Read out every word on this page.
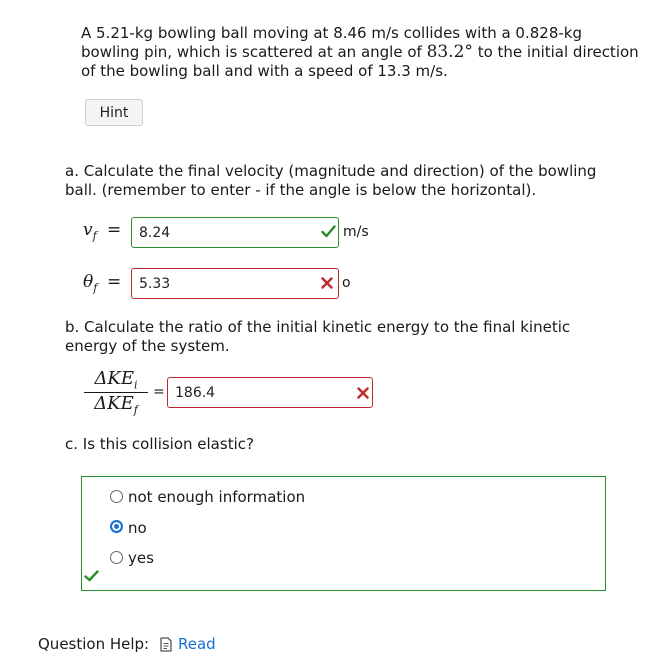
A 5.21-kg bowling ball moving at 8.46 m/s collides with a 0.828-kg bowling pin, which is scattered at an angle of 83.2° to the initial direction of the bowling ball and with a speed of 13.3 m/s.
Hint
a. Calculate the final velocity (magnitude and direction) of the bowling ball. (remember to enter - if the angle is below the horizontal).
$v_f = 8.24$	m/s
$\theta_f = 5.33$	o
b. Calculate the ratio of the initial kinetic energy to the final kinetic energy of the system.
$\Delta KE_i$
$\Delta KE_f$
= 186.4
c. Is this collision elastic?
not enough information
no
yes
Question Help: Read
